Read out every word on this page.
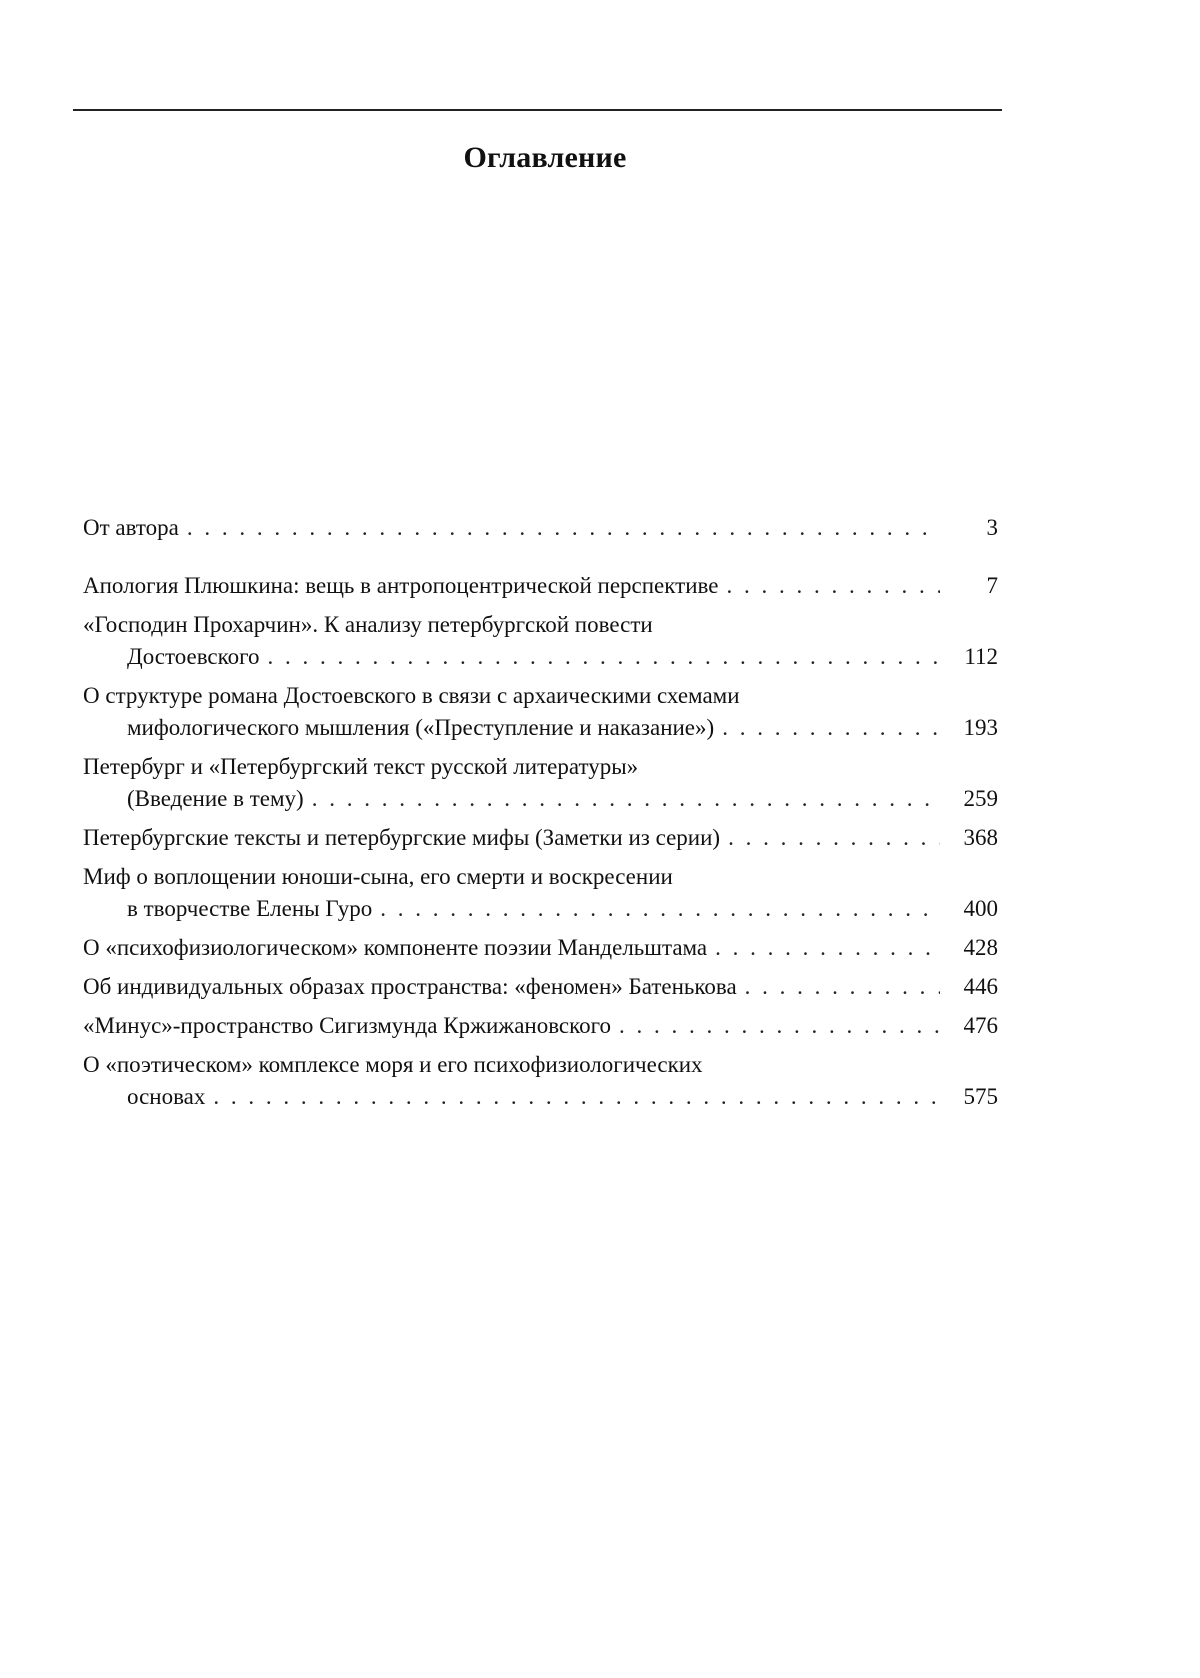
Оглавление
От автора . . .	3
Апология Плюшкина: вещь в антропоцентрической перспективе . . .	7
«Господин Прохарчин». К анализу петербургской повести
Достоевского . . .	112
О структуре романа Достоевского в связи с архаическими схемами
мифологического мышления («Преступление и наказание») . . .	193
Петербург и «Петербургский текст русской литературы»
(Введение в тему) . . .	259
Петербургские тексты и петербургские мифы (Заметки из серии) . . .	368
Миф о воплощении юноши-сына, его смерти и воскресении
в творчестве Елены Гуро . . .	400
О «психофизиологическом» компоненте поэзии Мандельштама . . .	428
Об индивидуальных образах пространства: «феномен» Батенькова . . .	446
«Минус»-пространство Сигизмунда Кржижановского . . .	476
О «поэтическом» комплексе моря и его психофизиологических
основах . . .	575
